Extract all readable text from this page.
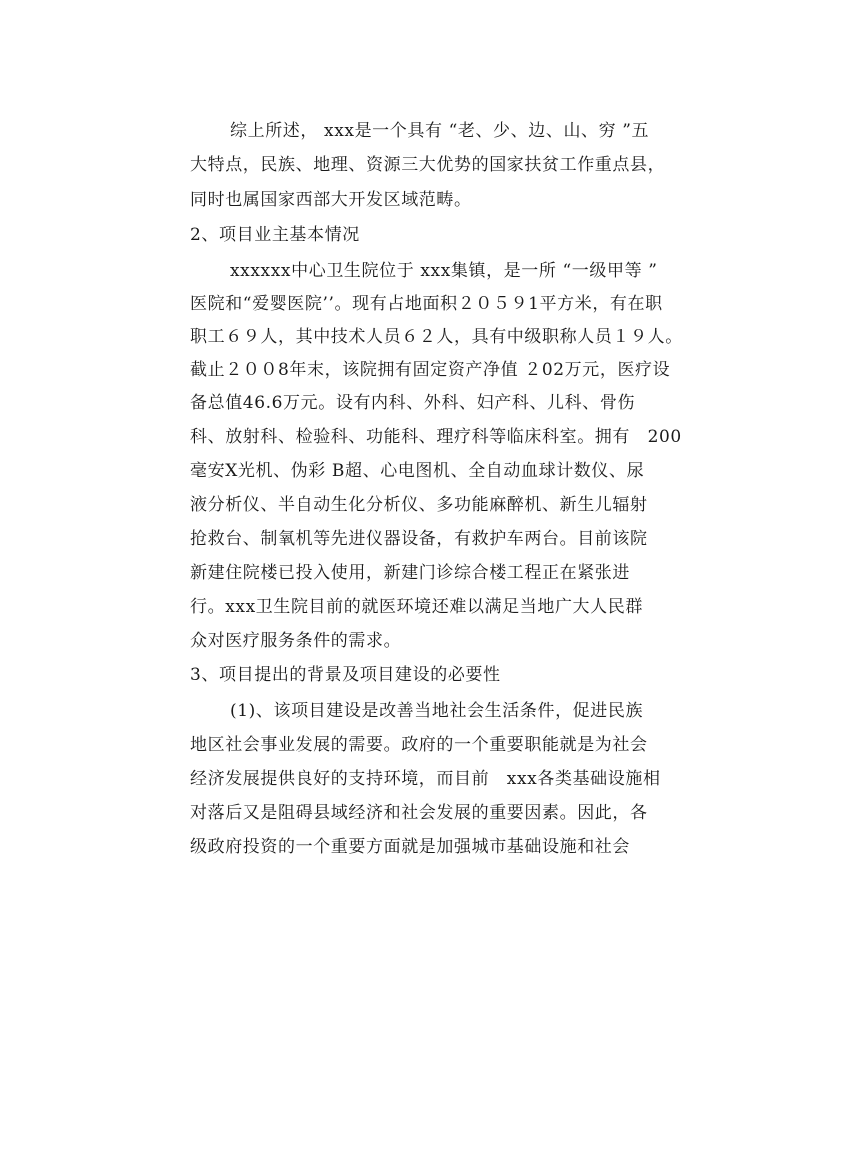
综上所述， xxx是一个具有 “老、少、边、山、穷 ”五
大特点，民族、地理、资源三大优势的国家扶贫工作重点县，
同时也属国家西部大开发区域范畴。
2、项目业主基本情况
xxxxxx中心卫生院位于 xxx集镇，是一所 “一级甲等 ”
医院和“爱婴医院’’。现有占地面积２０５９1平方米，有在职
职工６９人，其中技术人员６２人，具有中级职称人员１９人。
截止２００8年末，该院拥有固定资产净值 ２02万元，医疗设
备总值46.6万元。设有内科、外科、妇产科、儿科、骨伤
科、放射科、检验科、功能科、理疗科等临床科室。拥有　200
毫安X光机、伪彩 B超、心电图机、全自动血球计数仪、尿
液分析仪、半自动生化分析仪、多功能麻醉机、新生儿辐射
抢救台、制氧机等先进仪器设备，有救护车两台。目前该院
新建住院楼已投入使用，新建门诊综合楼工程正在紧张进
行。xxx卫生院目前的就医环境还难以满足当地广大人民群
众对医疗服务条件的需求。
3、项目提出的背景及项目建设的必要性
(1)、该项目建设是改善当地社会生活条件，促进民族
地区社会事业发展的需要。政府的一个重要职能就是为社会
经济发展提供良好的支持环境，而目前　xxx各类基础设施相
对落后又是阻碍县域经济和社会发展的重要因素。因此，各
级政府投资的一个重要方面就是加强城市基础设施和社会
